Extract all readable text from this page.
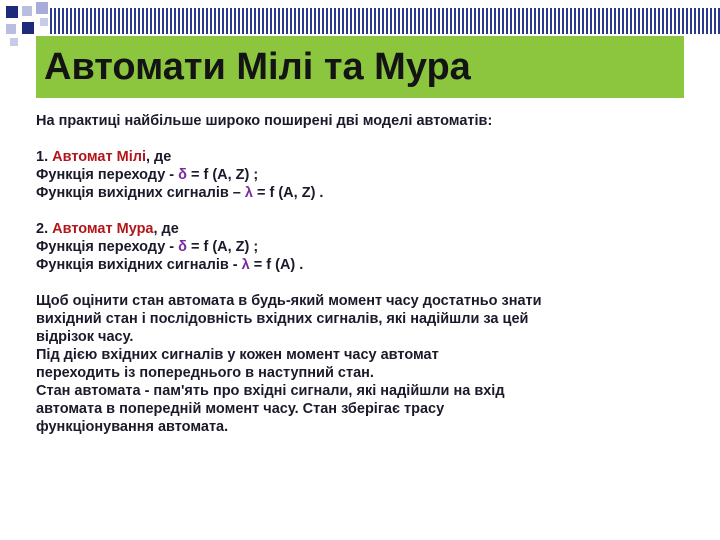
Автомати Мілі та Мура
На практиці найбільше широко поширені дві моделі автоматів:
1. Автомат Мілі, де
Функція переходу - δ = f (A, Z) ;
Функція вихідних сигналів – λ = f (A, Z) .
2. Автомат Мура, де
Функція переходу - δ = f (A, Z) ;
Функція вихідних сигналів - λ = f (A) .
Щоб оцінити стан автомата в будь-який момент часу достатньо знати
вихідний стан і послідовність вхідних сигналів, які надійшли за цей
відрізок часу.
Під дією вхідних сигналів у кожен момент часу автомат
переходить із попереднього в наступний стан.
Стан автомата - пам'ять про вхідні сигнали, які надійшли на вхід
автомата в попередній момент часу. Стан зберігає трасу
функціонування автомата.
